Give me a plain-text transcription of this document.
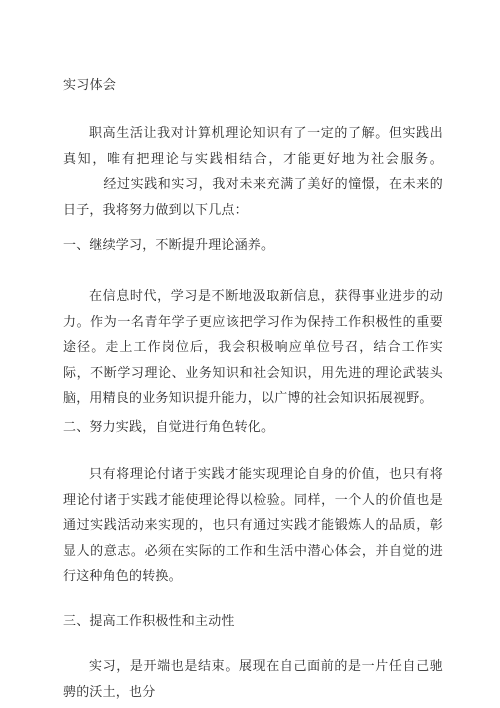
实习体会
职高生活让我对计算机理论知识有了一定的了解。但实践出真知，唯有把理论与实践相结合，才能更好地为社会服务。经过实践和实习，我对未来充满了美好的憧憬，在未来的日子，我将努力做到以下几点：
一、继续学习，不断提升理论涵养。
在信息时代，学习是不断地汲取新信息，获得事业进步的动力。作为一名青年学子更应该把学习作为保持工作积极性的重要途径。走上工作岗位后，我会积极响应单位号召，结合工作实际，不断学习理论、业务知识和社会知识，用先进的理论武装头脑，用精良的业务知识提升能力，以广博的社会知识拓展视野。
二、努力实践，自觉进行角色转化。
只有将理论付诸于实践才能实现理论自身的价值，也只有将理论付诸于实践才能使理论得以检验。同样，一个人的价值也是通过实践活动来实现的，也只有通过实践才能锻炼人的品质，彰显人的意志。必须在实际的工作和生活中潜心体会，并自觉的进行这种角色的转换。
三、提高工作积极性和主动性
实习，是开端也是结束。展现在自己面前的是一片任自己驰骋的沃土，也分
